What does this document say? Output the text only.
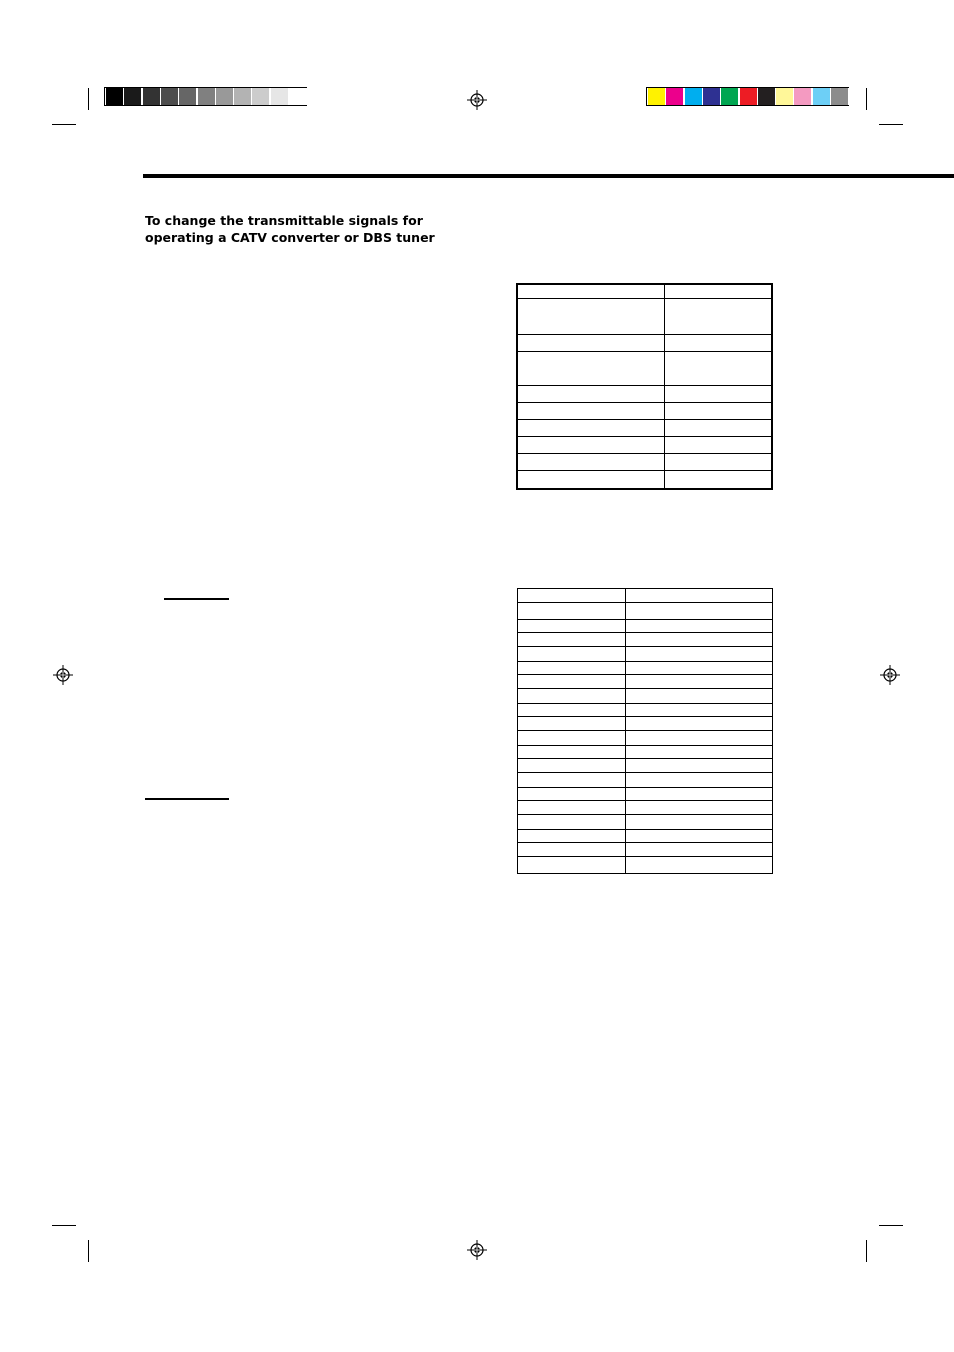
To change the transmittable signals for
operating a CATV converter or DBS tuner
